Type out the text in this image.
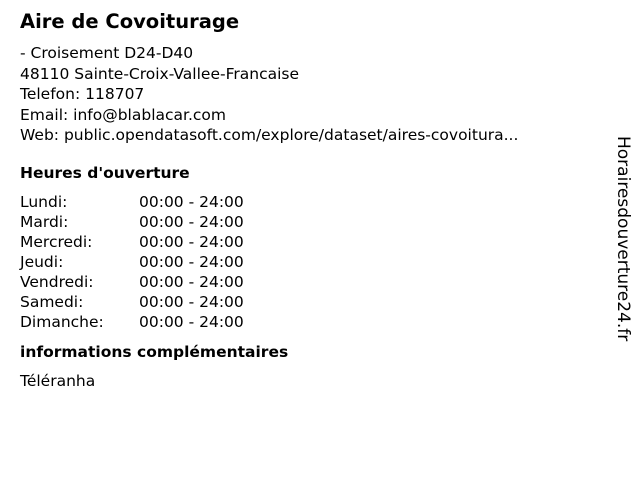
Aire de Covoiturage
- Croisement D24-D40
48110 Sainte-Croix-Vallee-Francaise
Telefon: 118707
Email: info@blablacar.com
Web: public.opendatasoft.com/explore/dataset/aires-covoitura...
Heures d'ouverture
Lundi:	00:00 - 24:00
Mardi:	00:00 - 24:00
Mercredi:	00:00 - 24:00
Jeudi:	00:00 - 24:00
Vendredi:	00:00 - 24:00
Samedi:	00:00 - 24:00
Dimanche:	00:00 - 24:00
informations complémentaires
Téléranha
Horairesdouverture24.fr
